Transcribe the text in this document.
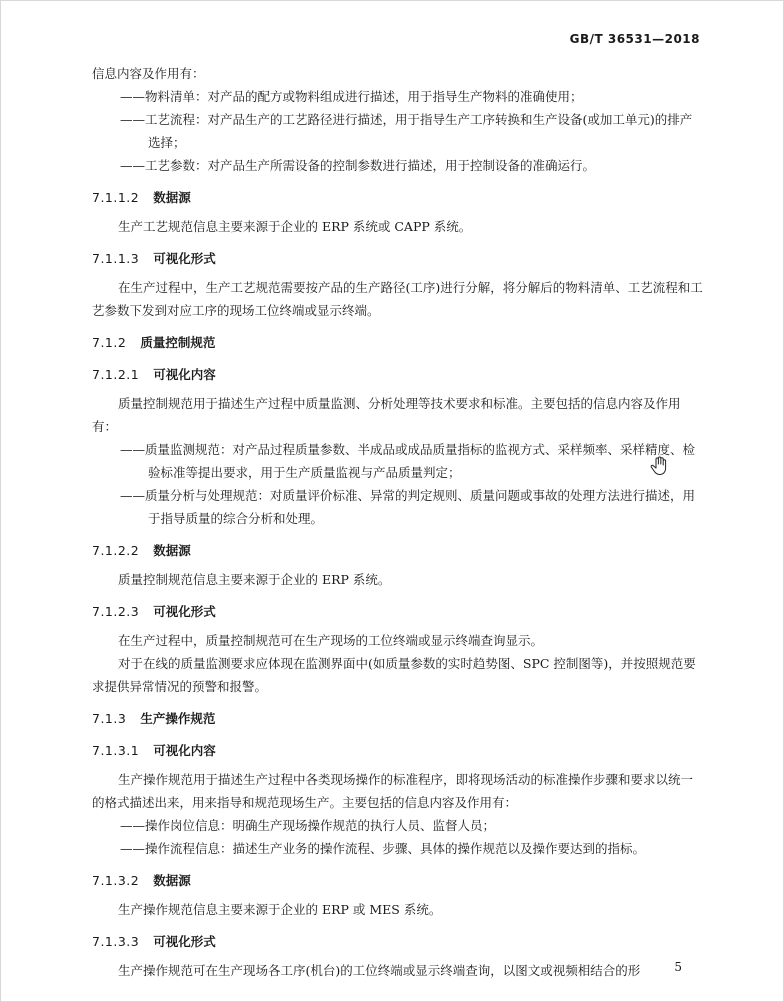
GB/T 36531—2018

信息内容及作用有：

——物料清单：对产品的配方或物料组成进行描述，用于指导生产物料的准确使用；

——工艺流程：对产品生产的工艺路径进行描述，用于指导生产工序转换和生产设备(或加工单元)的排产选择；

——工艺参数：对产品生产所需设备的控制参数进行描述，用于控制设备的准确运行。

7.1.1.2 数据源

生产工艺规范信息主要来源于企业的 ERP 系统或 CAPP 系统。

7.1.1.3 可视化形式

在生产过程中，生产工艺规范需要按产品的生产路径(工序)进行分解，将分解后的物料清单、工艺流程和工艺参数下发到对应工序的现场工位终端或显示终端。

7.1.2 质量控制规范
7.1.2.1 可视化内容

质量控制规范用于描述生产过程中质量监测、分析处理等技术要求和标准。主要包括的信息内容及作用有：

——质量监测规范：对产品过程质量参数、半成品或成品质量指标的监视方式、采样频率、采样精度、检验标准等提出要求，用于生产质量监视与产品质量判定；

——质量分析与处理规范：对质量评价标准、异常的判定规则、质量问题或事故的处理方法进行描述，用于指导质量的综合分析和处理。

7.1.2.2 数据源

质量控制规范信息主要来源于企业的 ERP 系统。

7.1.2.3 可视化形式

在生产过程中，质量控制规范可在生产现场的工位终端或显示终端查询显示。

对于在线的质量监测要求应体现在监测界面中(如质量参数的实时趋势图、SPC 控制图等)，并按照规范要求提供异常情况的预警和报警。

7.1.3 生产操作规范
7.1.3.1 可视化内容

生产操作规范用于描述生产过程中各类现场操作的标准程序，即将现场活动的标准操作步骤和要求以统一的格式描述出来，用来指导和规范现场生产。主要包括的信息内容及作用有：

——操作岗位信息：明确生产现场操作规范的执行人员、监督人员；

——操作流程信息：描述生产业务的操作流程、步骤、具体的操作规范以及操作要达到的指标。

7.1.3.2 数据源

生产操作规范信息主要来源于企业的 ERP 或 MES 系统。

7.1.3.3 可视化形式

生产操作规范可在生产现场各工序(机台)的工位终端或显示终端查询，以图文或视频相结合的形	5
